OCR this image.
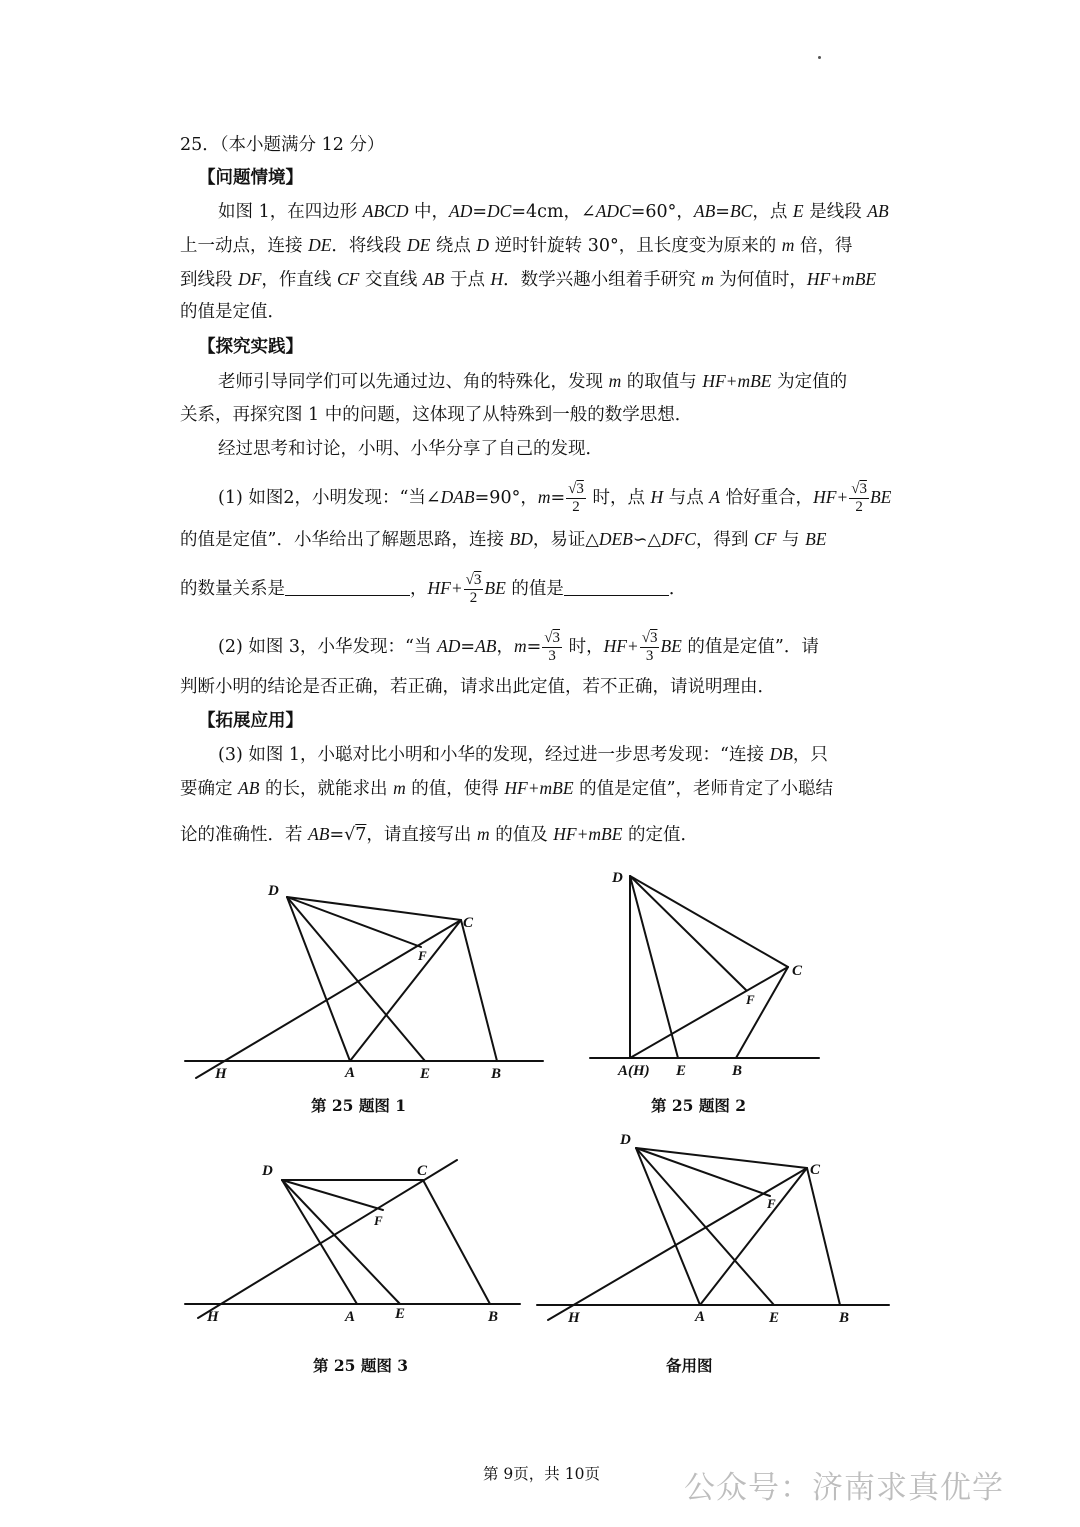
25．（本小题满分 12 分）
【问题情境】
如图 1，在四边形 ABCD 中，AD=DC=4cm，∠ADC=60°，AB=BC，点 E 是线段 AB
上一动点，连接 DE．将线段 DE 绕点 D 逆时针旋转 30°，且长度变为原来的 m 倍，得
到线段 DF，作直线 CF 交直线 AB 于点 H．数学兴趣小组着手研究 m 为何值时，HF+mBE
的值是定值．
【探究实践】
老师引导同学们可以先通过边、角的特殊化，发现 m 的取值与 HF+mBE 为定值的
关系，再探究图 1 中的问题，这体现了从特殊到一般的数学思想．
经过思考和讨论，小明、小华分享了自己的发现．
(1) 如图2，小明发现：“当∠DAB=90°，$m= \frac{√3}{2}$ 时，点 H 与点 A 恰好重合，$HF+ \frac{√3}{2}$ BE
的值是定值”．小华给出了解题思路，连接 BD，易证△DEB∽△DFC，得到 CF 与 BE
的数量关系是	，$HF+ \frac{√3}{2}$ BE 的值是	．
(2) 如图 3，小华发现：“当 AD=AB，$m= \frac{√3}{3}$ 时，$HF+ \frac{√3}{3}$ BE 的值是定值”．请
判断小明的结论是否正确，若正确，请求出此定值，若不正确，请说明理由．
【拓展应用】
(3) 如图 1，小聪对比小明和小华的发现，经过进一步思考发现：“连接 DB，只
要确定 AB 的长，就能求出 m 的值，使得 HF+mBE 的值是定值”，老师肯定了小聪结
论的准确性．若 AB=√7，请直接写出 m 的值及 HF+mBE 的定值．
D
C
F
H	A	E	B
D
C
F
A(H) E	B
D	C
F
H	A	E	B
D
C
F
H	A	E	B
第 25 题图 1	第 25 题图 2
第 25 题图 3	备用图
第 9页，共 10页	公众号：济南求真优学
